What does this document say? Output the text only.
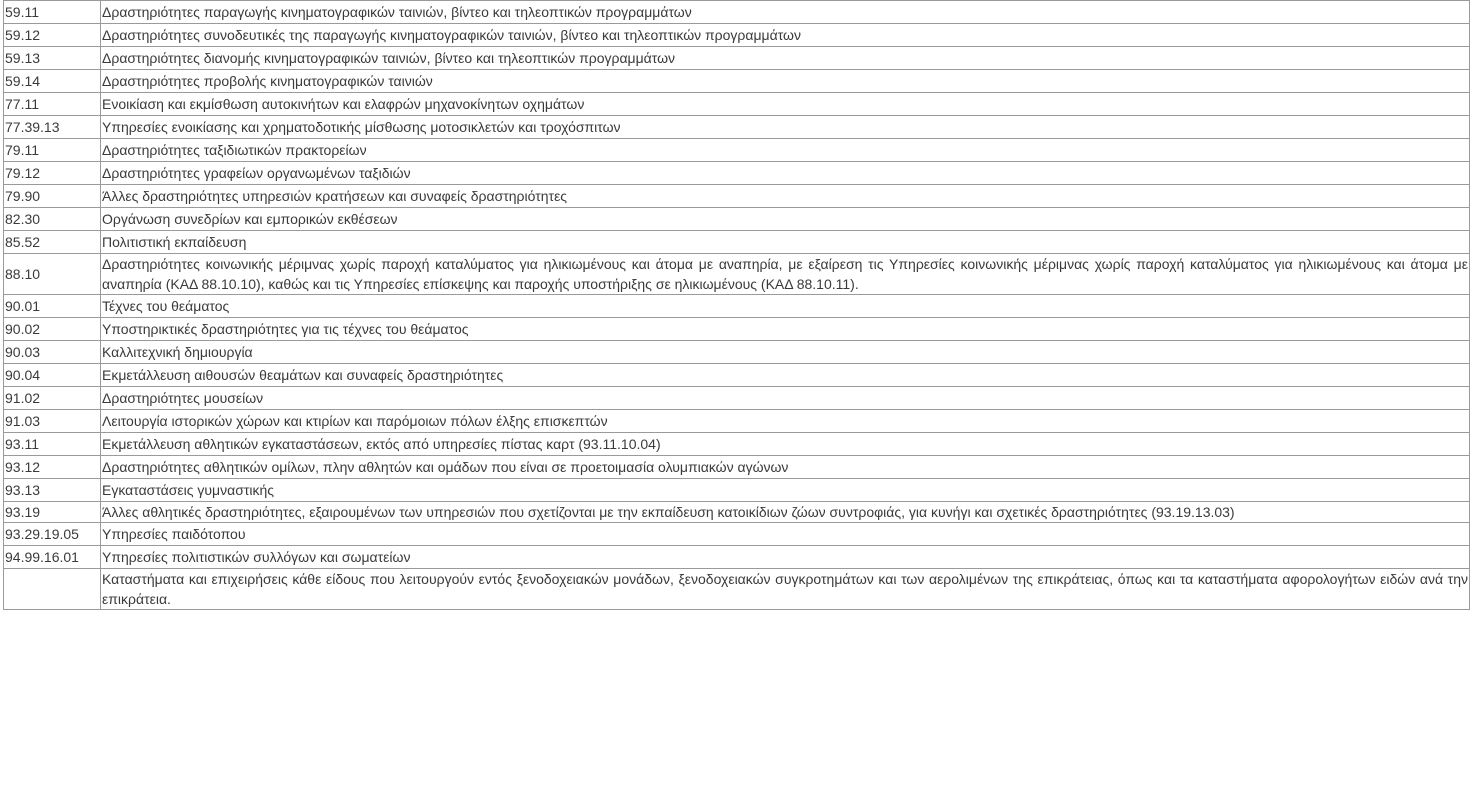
59.11	Δραστηριότητες παραγωγής κινηματογραφικών ταινιών, βίντεο και τηλεοπτικών προγραμμάτων
59.12	Δραστηριότητες συνοδευτικές της παραγωγής κινηματογραφικών ταινιών, βίντεο και τηλεοπτικών προγραμμάτων
59.13	Δραστηριότητες διανομής κινηματογραφικών ταινιών, βίντεο και τηλεοπτικών προγραμμάτων
59.14	Δραστηριότητες προβολής κινηματογραφικών ταινιών
77.11	Ενοικίαση και εκμίσθωση αυτοκινήτων και ελαφρών μηχανοκίνητων οχημάτων
77.39.13	Υπηρεσίες ενοικίασης και χρηματοδοτικής μίσθωσης μοτοσικλετών και τροχόσπιτων
79.11	Δραστηριότητες ταξιδιωτικών πρακτορείων
79.12	Δραστηριότητες γραφείων οργανωμένων ταξιδιών
79.90	Άλλες δραστηριότητες υπηρεσιών κρατήσεων και συναφείς δραστηριότητες
82.30	Οργάνωση συνεδρίων και εμπορικών εκθέσεων
85.52	Πολιτιστική εκπαίδευση
88.10	Δραστηριότητες κοινωνικής μέριμνας χωρίς παροχή καταλύματος για ηλικιωμένους και άτομα με αναπηρία, με εξαίρεση τις Υπηρεσίες κοινωνικής μέριμνας χωρίς παροχή καταλύματος για ηλικιωμένους και άτομα με αναπηρία (ΚΑΔ 88.10.10), καθώς και τις Υπηρεσίες επίσκεψης και παροχής υποστήριξης σε ηλικιωμένους (ΚΑΔ 88.10.11).
90.01	Τέχνες του θεάματος
90.02	Υποστηρικτικές δραστηριότητες για τις τέχνες του θεάματος
90.03	Καλλιτεχνική δημιουργία
90.04	Εκμετάλλευση αιθουσών θεαμάτων και συναφείς δραστηριότητες
91.02	Δραστηριότητες μουσείων
91.03	Λειτουργία ιστορικών χώρων και κτιρίων και παρόμοιων πόλων έλξης επισκεπτών
93.11	Εκμετάλλευση αθλητικών εγκαταστάσεων, εκτός από υπηρεσίες πίστας καρτ (93.11.10.04)
93.12	Δραστηριότητες αθλητικών ομίλων, πλην αθλητών και ομάδων που είναι σε προετοιμασία ολυμπιακών αγώνων
93.13	Εγκαταστάσεις γυμναστικής
93.19	Άλλες αθλητικές δραστηριότητες, εξαιρουμένων των υπηρεσιών που σχετίζονται με την εκπαίδευση κατοικίδιων ζώων συντροφιάς, για κυνήγι και σχετικές δραστηριότητες (93.19.13.03)
93.29.19.05	Υπηρεσίες παιδότοπου
94.99.16.01	Υπηρεσίες πολιτιστικών συλλόγων και σωματείων
	Καταστήματα και επιχειρήσεις κάθε είδους που λειτουργούν εντός ξενοδοχειακών μονάδων, ξενοδοχειακών συγκροτημάτων και των αερολιμένων της επικράτειας, όπως και τα καταστήματα αφορολογήτων ειδών ανά την επικράτεια.
